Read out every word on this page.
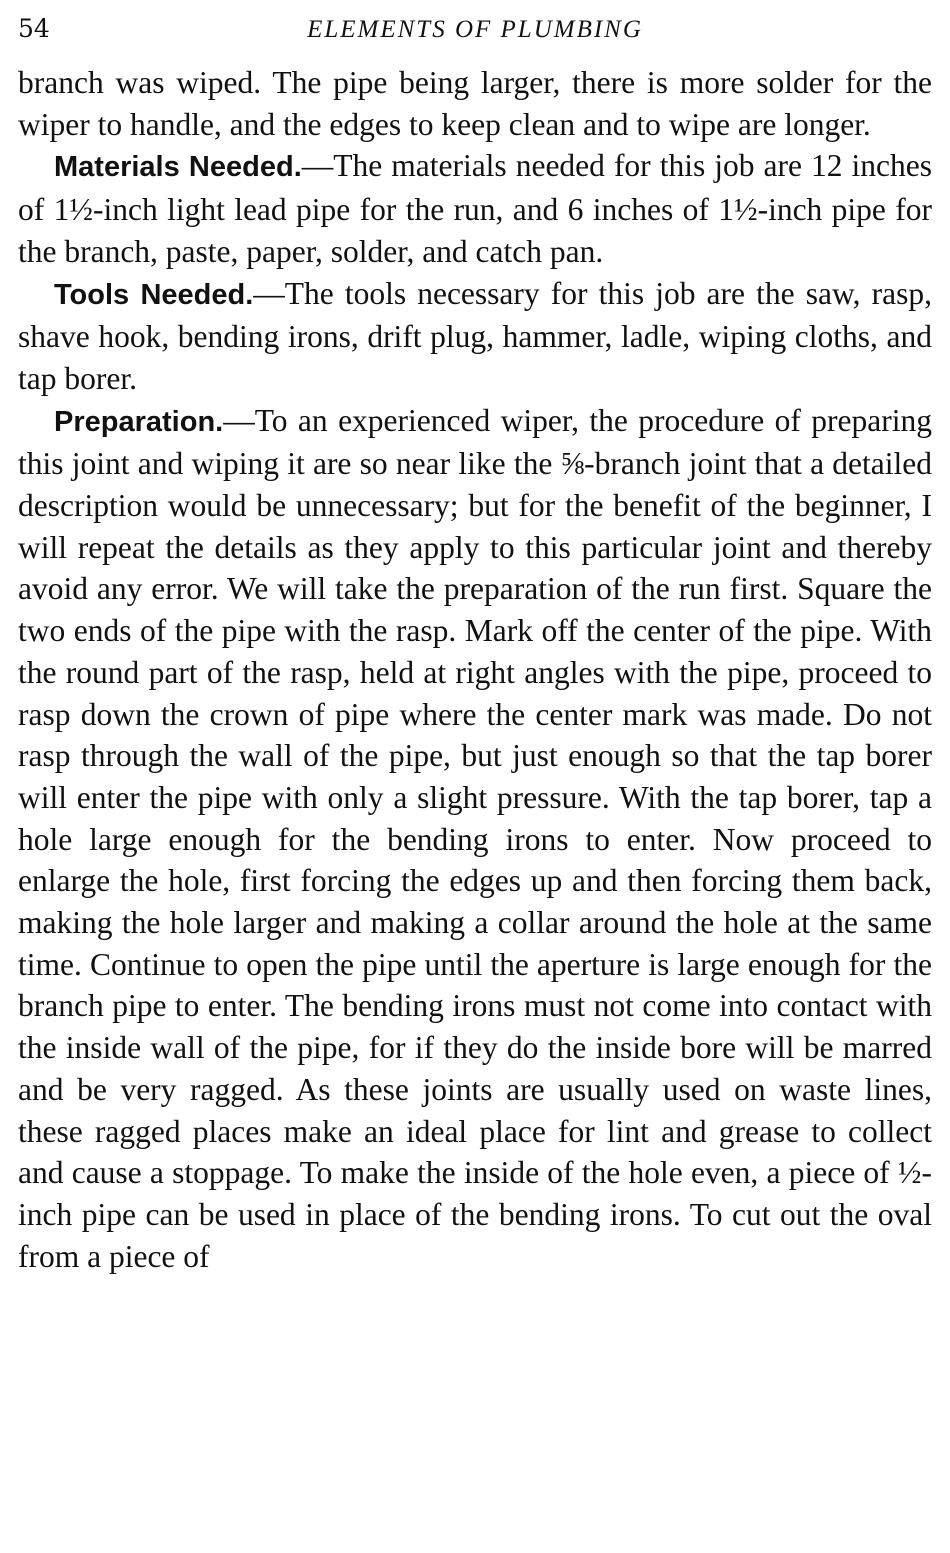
54	ELEMENTS OF PLUMBING

branch was wiped. The pipe being larger, there is more solder for the wiper to handle, and the edges to keep clean and to wipe are longer.

Materials Needed.—The materials needed for this job are 12 inches of 1½-inch light lead pipe for the run, and 6 inches of 1½-inch pipe for the branch, paste, paper, solder, and catch pan.

Tools Needed.—The tools necessary for this job are the saw, rasp, shave hook, bending irons, drift plug, hammer, ladle, wiping cloths, and tap borer.

Preparation.—To an experienced wiper, the procedure of preparing this joint and wiping it are so near like the ⅝-branch joint that a detailed description would be unnecessary; but for the benefit of the beginner, I will repeat the details as they apply to this particular joint and thereby avoid any error. We will take the preparation of the run first. Square the two ends of the pipe with the rasp. Mark off the center of the pipe. With the round part of the rasp, held at right angles with the pipe, proceed to rasp down the crown of pipe where the center mark was made. Do not rasp through the wall of the pipe, but just enough so that the tap borer will enter the pipe with only a slight pressure. With the tap borer, tap a hole large enough for the bending irons to enter. Now proceed to enlarge the hole, first forcing the edges up and then forcing them back, making the hole larger and making a collar around the hole at the same time. Continue to open the pipe until the aperture is large enough for the branch pipe to enter. The bending irons must not come into contact with the inside wall of the pipe, for if they do the inside bore will be marred and be very ragged. As these joints are usually used on waste lines, these ragged places make an ideal place for lint and grease to collect and cause a stoppage. To make the inside of the hole even, a piece of ½-inch pipe can be used in place of the bending irons. To cut out the oval from a piece of
